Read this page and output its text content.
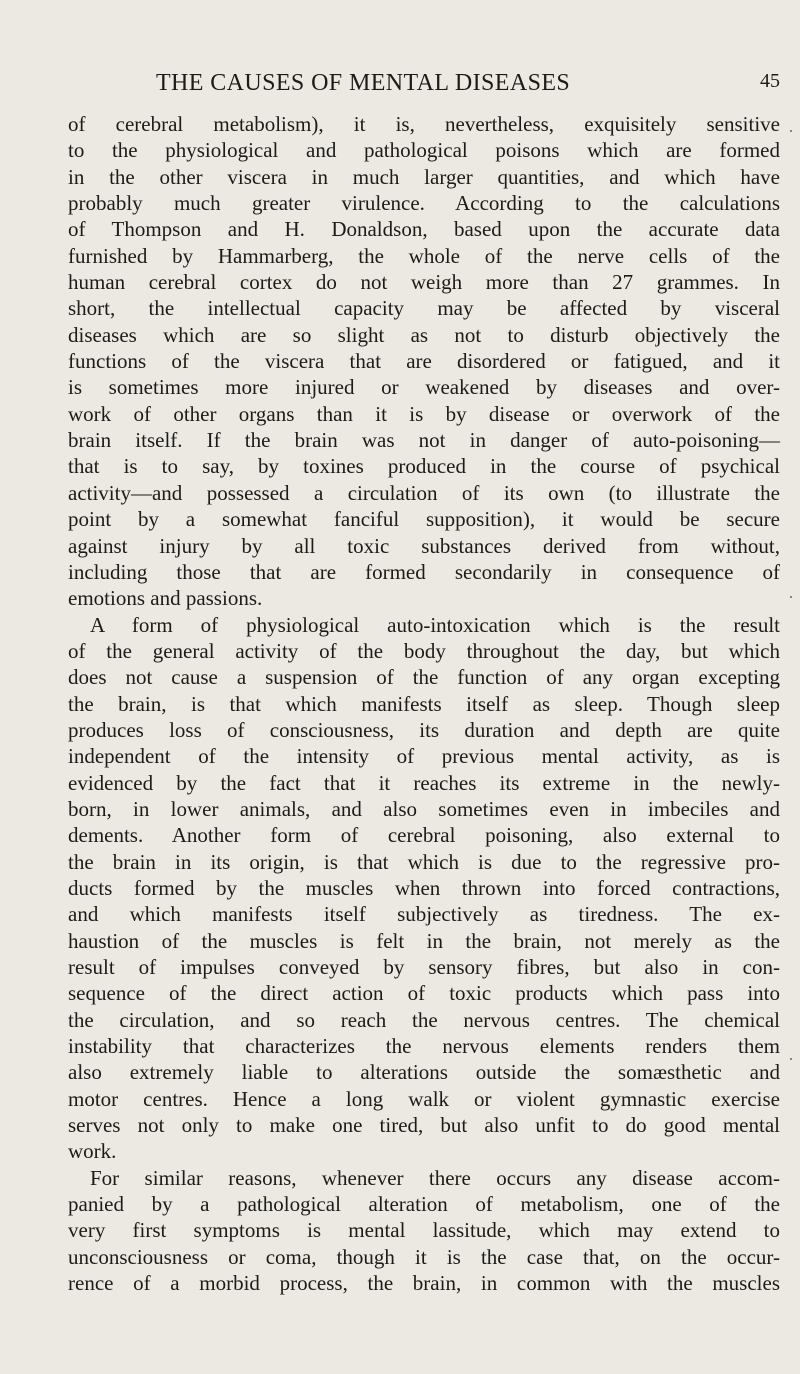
THE CAUSES OF MENTAL DISEASES	45
of cerebral metabolism), it is, nevertheless, exquisitely sensitive
to the physiological and pathological poisons which are formed
in the other viscera in much larger quantities, and which have
probably much greater virulence. According to the calculations
of Thompson and H. Donaldson, based upon the accurate data
furnished by Hammarberg, the whole of the nerve cells of the
human cerebral cortex do not weigh more than 27 grammes. In
short, the intellectual capacity may be affected by visceral
diseases which are so slight as not to disturb objectively the
functions of the viscera that are disordered or fatigued, and it
is sometimes more injured or weakened by diseases and over-
work of other organs than it is by disease or overwork of the
brain itself. If the brain was not in danger of auto-poisoning—
that is to say, by toxines produced in the course of psychical
activity—and possessed a circulation of its own (to illustrate the
point by a somewhat fanciful supposition), it would be secure
against injury by all toxic substances derived from without,
including those that are formed secondarily in consequence of
emotions and passions.
A form of physiological auto-intoxication which is the result
of the general activity of the body throughout the day, but which
does not cause a suspension of the function of any organ excepting
the brain, is that which manifests itself as sleep. Though sleep
produces loss of consciousness, its duration and depth are quite
independent of the intensity of previous mental activity, as is
evidenced by the fact that it reaches its extreme in the newly-
born, in lower animals, and also sometimes even in imbeciles and
dements. Another form of cerebral poisoning, also external to
the brain in its origin, is that which is due to the regressive pro-
ducts formed by the muscles when thrown into forced contractions,
and which manifests itself subjectively as tiredness. The ex-
haustion of the muscles is felt in the brain, not merely as the
result of impulses conveyed by sensory fibres, but also in con-
sequence of the direct action of toxic products which pass into
the circulation, and so reach the nervous centres. The chemical
instability that characterizes the nervous elements renders them
also extremely liable to alterations outside the somæsthetic and
motor centres. Hence a long walk or violent gymnastic exercise
serves not only to make one tired, but also unfit to do good mental
work.
For similar reasons, whenever there occurs any disease accom-
panied by a pathological alteration of metabolism, one of the
very first symptoms is mental lassitude, which may extend to
unconsciousness or coma, though it is the case that, on the occur-
rence of a morbid process, the brain, in common with the muscles
